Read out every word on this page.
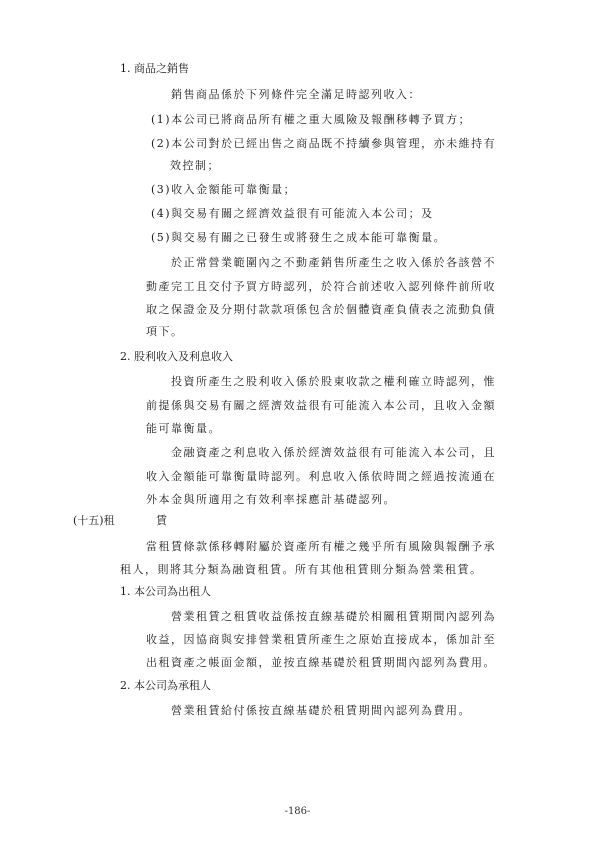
1. 商品之銷售
銷售商品係於下列條件完全滿足時認列收入：
(1)本公司已將商品所有權之重大風險及報酬移轉予買方；
(2)本公司對於已經出售之商品既不持續參與管理，亦未維持有
效控制；
(3)收入金額能可靠衡量；
(4)與交易有關之經濟效益很有可能流入本公司；及
(5)與交易有關之已發生或將發生之成本能可靠衡量。
於正常營業範圍內之不動產銷售所產生之收入係於各該營不
動產完工且交付予買方時認列，於符合前述收入認列條件前所收
取之保證金及分期付款款項係包含於個體資產負債表之流動負債
項下。
2. 股利收入及利息收入
投資所產生之股利收入係於股東收款之權利確立時認列，惟
前提係與交易有關之經濟效益很有可能流入本公司，且收入金額
能可靠衡量。
金融資產之利息收入係於經濟效益很有可能流入本公司，且
收入金額能可靠衡量時認列。利息收入係依時間之經過按流通在
外本金與所適用之有效利率採應計基礎認列。
(十五)租	賃
當租賃條款係移轉附屬於資產所有權之幾乎所有風險與報酬予承
租人，則將其分類為融資租賃。所有其他租賃則分類為營業租賃。
1. 本公司為出租人
營業租賃之租賃收益係按直線基礎於相關租賃期間內認列為
收益，因協商與安排營業租賃所產生之原始直接成本，係加計至
出租資產之帳面金額，並按直線基礎於租賃期間內認列為費用。
2. 本公司為承租人
營業租賃給付係按直線基礎於租賃期間內認列為費用。
-186-
